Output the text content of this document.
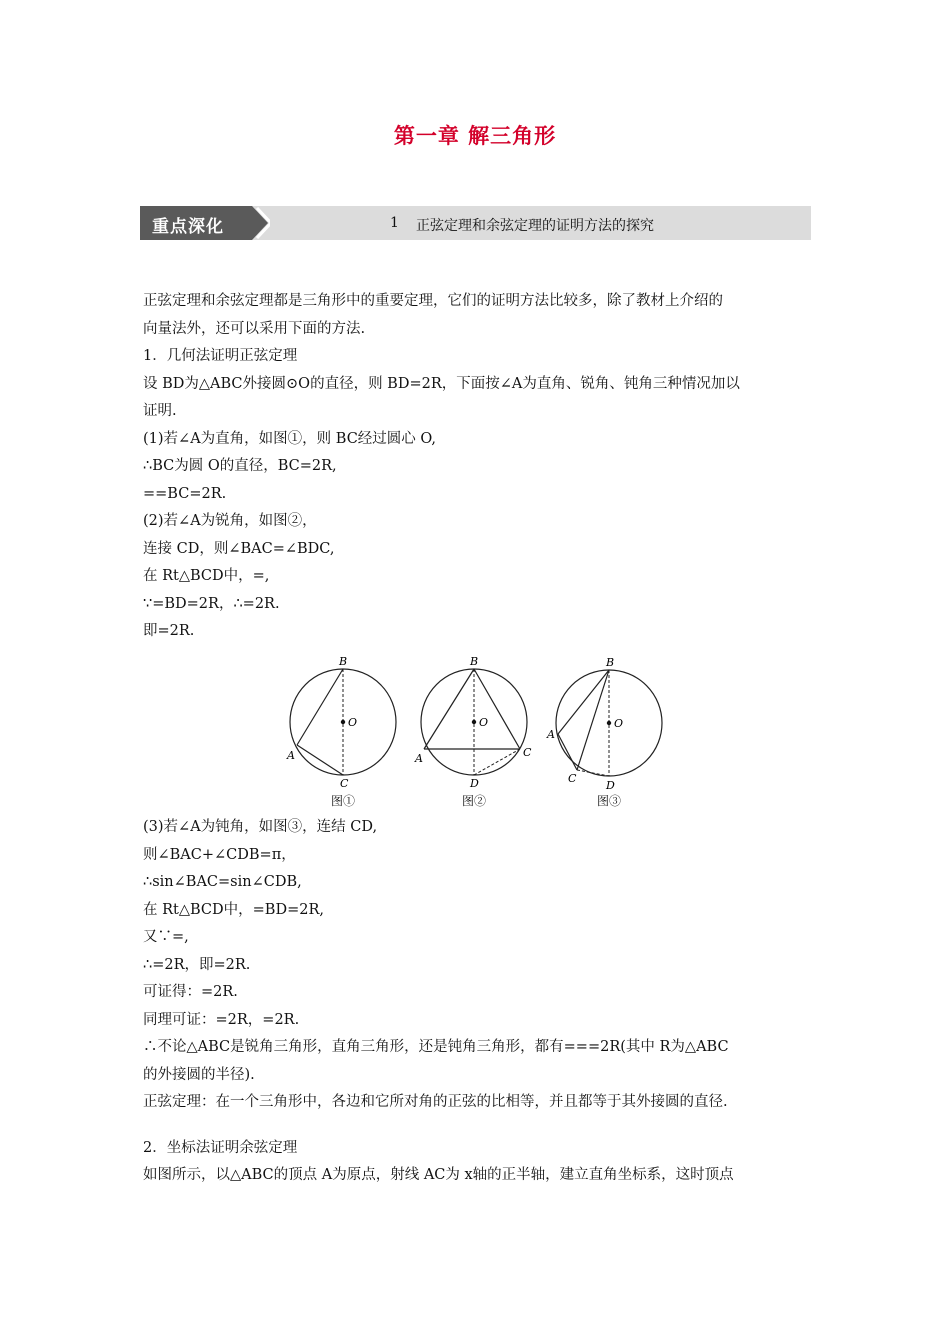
第一章 解三角形
重点深化	1 正弦定理和余弦定理的证明方法的探究

正弦定理和余弦定理都是三角形中的重要定理，它们的证明方法比较多，除了教材上介绍的

向量法外，还可以采用下面的方法.

1．几何法证明正弦定理

设 BD为△ABC外接圆⊙O的直径，则 BD=2R，下面按∠A为直角、锐角、钝角三种情况加以

证明.

(1)若∠A为直角，如图①，则 BC经过圆心 O,

∴BC为圆 O的直径，BC=2R,

==BC=2R.

(2)若∠A为锐角，如图②，

连接 CD，则∠BAC=∠BDC,

在 Rt△BCD中，=,

∵=BD=2R，∴=2R.

即=2R.

B
O
A
C
图①
B
O
A	C
D
图②
B
O
A
C
D
图③

(3)若∠A为钝角，如图③，连结 CD,

则∠BAC+∠CDB=π，

∴sin∠BAC=sin∠CDB,

在 Rt△BCD中，=BD=2R,

又∵=,

∴=2R，即=2R.

可证得：=2R.

同理可证：=2R，=2R.

∴不论△ABC是锐角三角形，直角三角形，还是钝角三角形，都有===2R(其中 R为△ABC

的外接圆的半径).

正弦定理：在一个三角形中，各边和它所对角的正弦的比相等，并且都等于其外接圆的直径.

2．坐标法证明余弦定理

如图所示，以△ABC的顶点 A为原点，射线 AC为 x轴的正半轴，建立直角坐标系，这时顶点
